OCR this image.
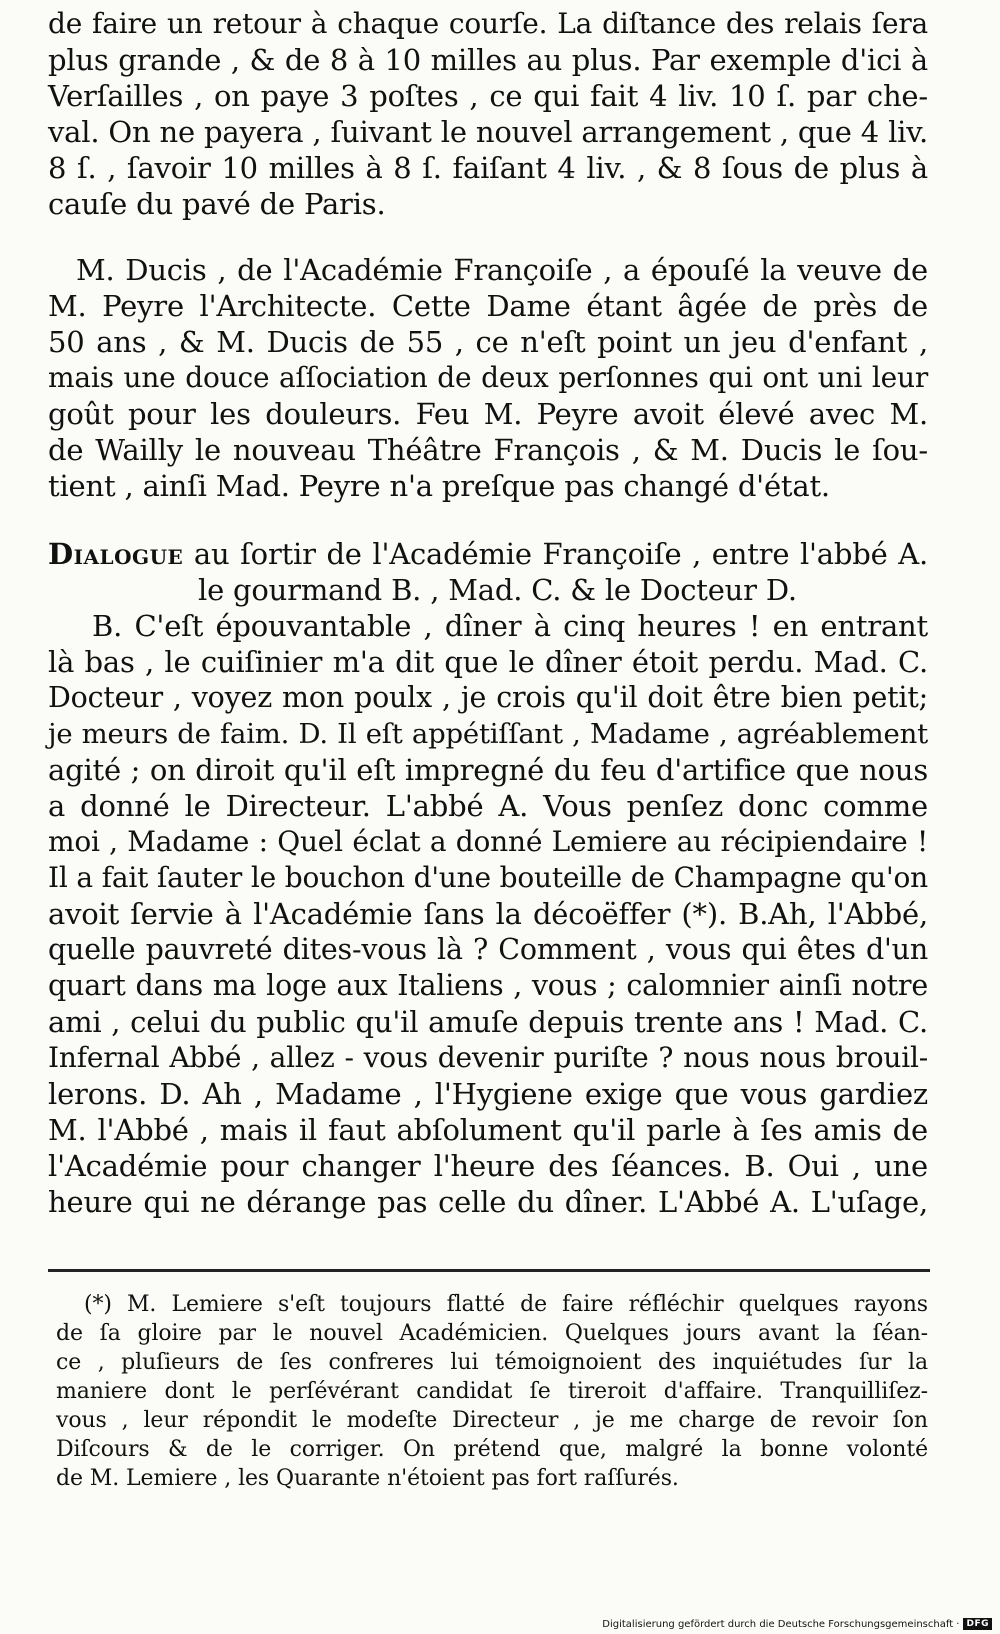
de faire un retour à chaque courſe. La diſtance des relais ſera
plus grande , & de 8 à 10 milles au plus. Par exemple d'ici à
Verſailles , on paye 3 poſtes , ce qui fait 4 liv. 10 ſ. par che-
val. On ne payera , ſuivant le nouvel arrangement , que 4 liv.
8 ſ. , ſavoir 10 milles à 8 ſ. faiſant 4 liv. , & 8 ſous de plus à
cauſe du pavé de Paris.
M. Ducis , de l'Académie Françoiſe , a épouſé la veuve de
M. Peyre l'Architecte. Cette Dame étant âgée de près de
50 ans , & M. Ducis de 55 , ce n'eſt point un jeu d'enfant ,
mais une douce aſſociation de deux perſonnes qui ont uni leur
goût pour les douleurs. Feu M. Peyre avoit élevé avec M.
de Wailly le nouveau Théâtre François , & M. Ducis le ſou-
tient , ainſi Mad. Peyre n'a preſque pas changé d'état.
Dialogue au ſortir de l'Académie Françoiſe , entre l'abbé A.
le gourmand B. , Mad. C. & le Docteur D.
B. C'eſt épouvantable , dîner à cinq heures ! en entrant
là bas , le cuiſinier m'a dit que le dîner étoit perdu. Mad. C.
Docteur , voyez mon poulx , je crois qu'il doit être bien petit;
je meurs de faim. D. Il eſt appétiſſant , Madame , agréablement
agité ; on diroit qu'il eſt impregné du feu d'artifice que nous
a donné le Directeur. L'abbé A. Vous penſez donc comme
moi , Madame : Quel éclat a donné Lemiere au récipiendaire !
Il a fait ſauter le bouchon d'une bouteille de Champagne qu'on
avoit ſervie à l'Académie ſans la décoëffer (*). B.Ah, l'Abbé,
quelle pauvreté dites-vous là ? Comment , vous qui êtes d'un
quart dans ma loge aux Italiens , vous ; calomnier ainſi notre
ami , celui du public qu'il amuſe depuis trente ans ! Mad. C.
Infernal Abbé , allez - vous devenir puriſte ? nous nous brouil-
lerons. D. Ah , Madame , l'Hygiene exige que vous gardiez
M. l'Abbé , mais il faut abſolument qu'il parle à ſes amis de
l'Académie pour changer l'heure des ſéances. B. Oui , une
heure qui ne dérange pas celle du dîner. L'Abbé A. L'uſage,
(*) M. Lemiere s'eſt toujours flatté de faire réfléchir quelques rayons
de ſa gloire par le nouvel Académicien. Quelques jours avant la ſéan-
ce , pluſieurs de ſes confreres lui témoignoient des inquiétudes ſur la
maniere dont le perſévérant candidat ſe tireroit d'affaire. Tranquilliſez-
vous , leur répondit le modeſte Directeur , je me charge de revoir ſon
Diſcours & de le corriger. On prétend que, malgré la bonne volonté
de M. Lemiere , les Quarante n'étoient pas fort raſſurés.
Digitalisierung gefördert durch die Deutsche Forschungsgemeinschaft · DFG
